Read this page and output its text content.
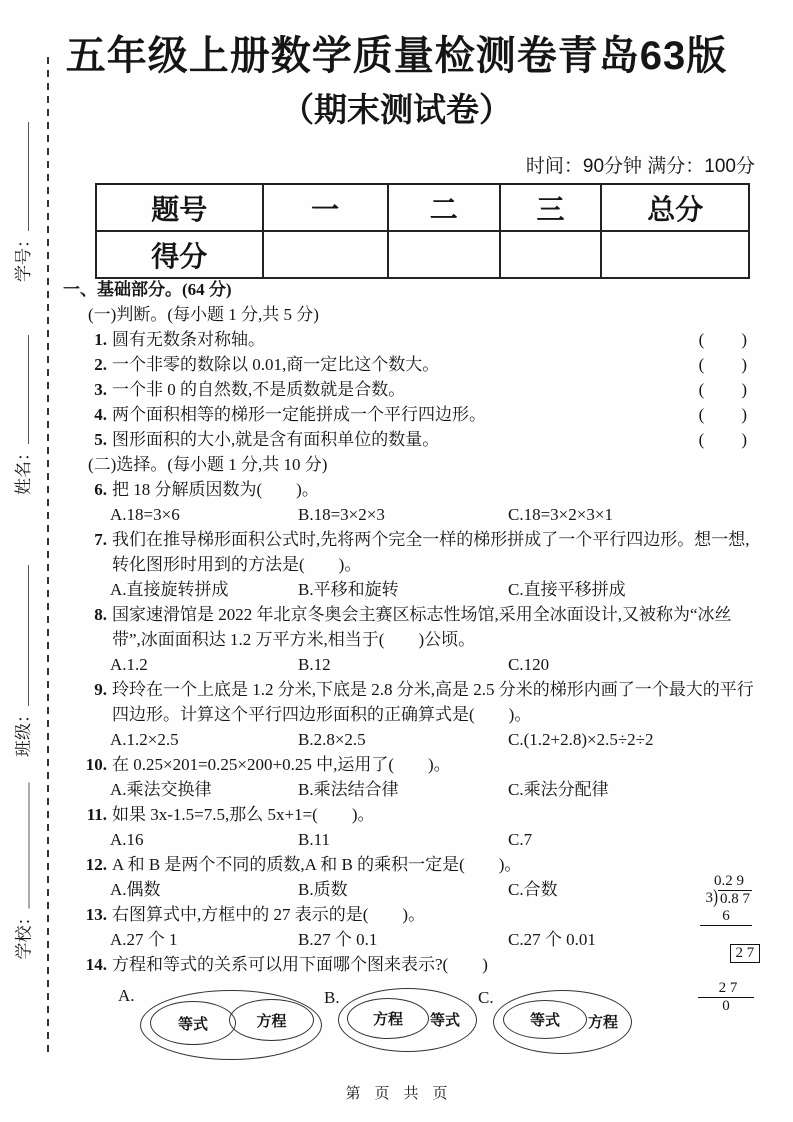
五年级上册数学质量检测卷青岛63版
（期末测试卷）
时间：90分钟 满分：100分
题号	一	二	三	总分
得分				
学号：
姓名：
班级：
学校：
一、基础部分。(64 分)
(一)判断。(每小题 1 分,共 5 分)
1. 圆有无数条对称轴。	(　　)
2. 一个非零的数除以 0.01,商一定比这个数大。	(　　)
3. 一个非 0 的自然数,不是质数就是合数。	(　　)
4. 两个面积相等的梯形一定能拼成一个平行四边形。	(　　)
5. 图形面积的大小,就是含有面积单位的数量。	(　　)
(二)选择。(每小题 1 分,共 10 分)
6. 把 18 分解质因数为(　　)。
A.18=3×6	B.18=3×2×3	C.18=3×2×3×1
7. 我们在推导梯形面积公式时,先将两个完全一样的梯形拼成了一个平行四边形。想一想,
转化图形时用到的方法是(　　)。
A.直接旋转拼成	B.平移和旋转	C.直接平移拼成
8. 国家速滑馆是 2022 年北京冬奥会主赛区标志性场馆,采用全冰面设计,又被称为“冰丝
带”,冰面面积达 1.2 万平方米,相当于(　　)公顷。
A.1.2	B.12	C.120
9. 玲玲在一个上底是 1.2 分米,下底是 2.8 分米,高是 2.5 分米的梯形内画了一个最大的平行
四边形。计算这个平行四边形面积的正确算式是(　　)。
A.1.2×2.5	B.2.8×2.5	C.(1.2+2.8)×2.5÷2÷2
10. 在 0.25×201=0.25×200+0.25 中,运用了(　　)。
A.乘法交换律	B.乘法结合律	C.乘法分配律
11. 如果 3x-1.5=7.5,那么 5x+1=(　　)。
A.16	B.11	C.7
12. A 和 B 是两个不同的质数,A 和 B 的乘积一定是(　　)。
A.偶数	B.质数	C.合数
13. 右图算式中,方框中的 27 表示的是(　　)。
A.27 个 1	B.27 个 0.1	C.27 个 0.01
14. 方程和等式的关系可以用下面哪个图来表示?(　　)
0.2 9
3 ) 0.8 7
6

2 7

2 7
0
A.
等式	方程
B.
方程 等式
C.
等式 方程
第页共页
